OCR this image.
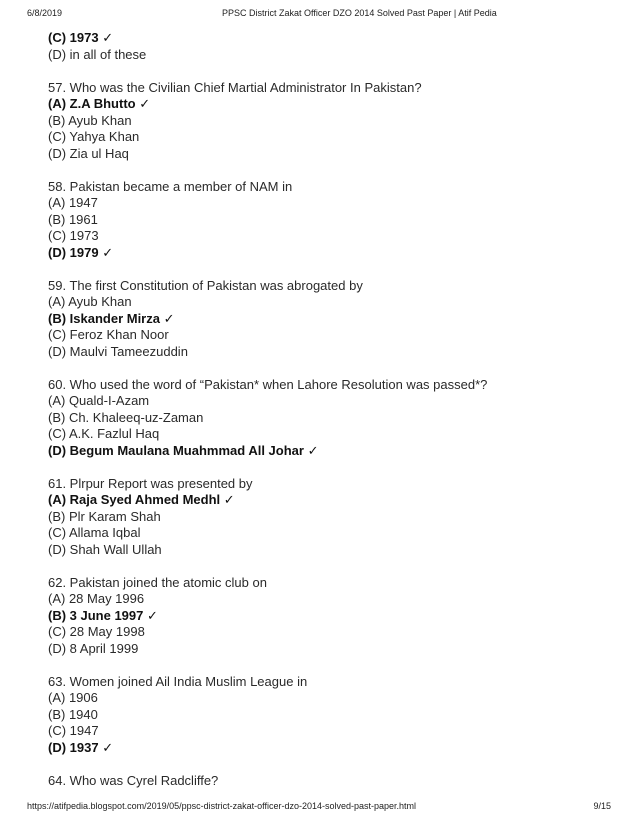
6/8/2019	PPSC District Zakat Officer DZO 2014 Solved Past Paper | Atif Pedia
(C) 1973 ✓
(D) in all of these
57. Who was the Civilian Chief Martial Administrator In Pakistan?
(A) Z.A Bhutto ✓
(B) Ayub Khan
(C) Yahya Khan
(D) Zia ul Haq
58. Pakistan became a member of NAM in
(A) 1947
(B) 1961
(C) 1973
(D) 1979 ✓
59. The first Constitution of Pakistan was abrogated by
(A) Ayub Khan
(B) Iskander Mirza ✓
(C) Feroz Khan Noor
(D) Maulvi Tameezuddin
60. Who used the word of “Pakistan* when Lahore Resolution was passed*?
(A) Quald-I-Azam
(B) Ch. Khaleeq-uz-Zaman
(C) A.K. Fazlul Haq
(D) Begum Maulana Muahmmad All Johar ✓
61. Plrpur Report was presented by
(A) Raja Syed Ahmed Medhl ✓
(B) Plr Karam Shah
(C) Allama Iqbal
(D) Shah Wall Ullah
62. Pakistan joined the atomic club on
(A) 28 May 1996
(B) 3 June 1997 ✓
(C) 28 May 1998
(D) 8 April 1999
63. Women joined Ail India Muslim League in
(A) 1906
(B) 1940
(C) 1947
(D) 1937 ✓
64. Who was Cyrel Radcliffe?
https://atifpedia.blogspot.com/2019/05/ppsc-district-zakat-officer-dzo-2014-solved-past-paper.html	9/15
